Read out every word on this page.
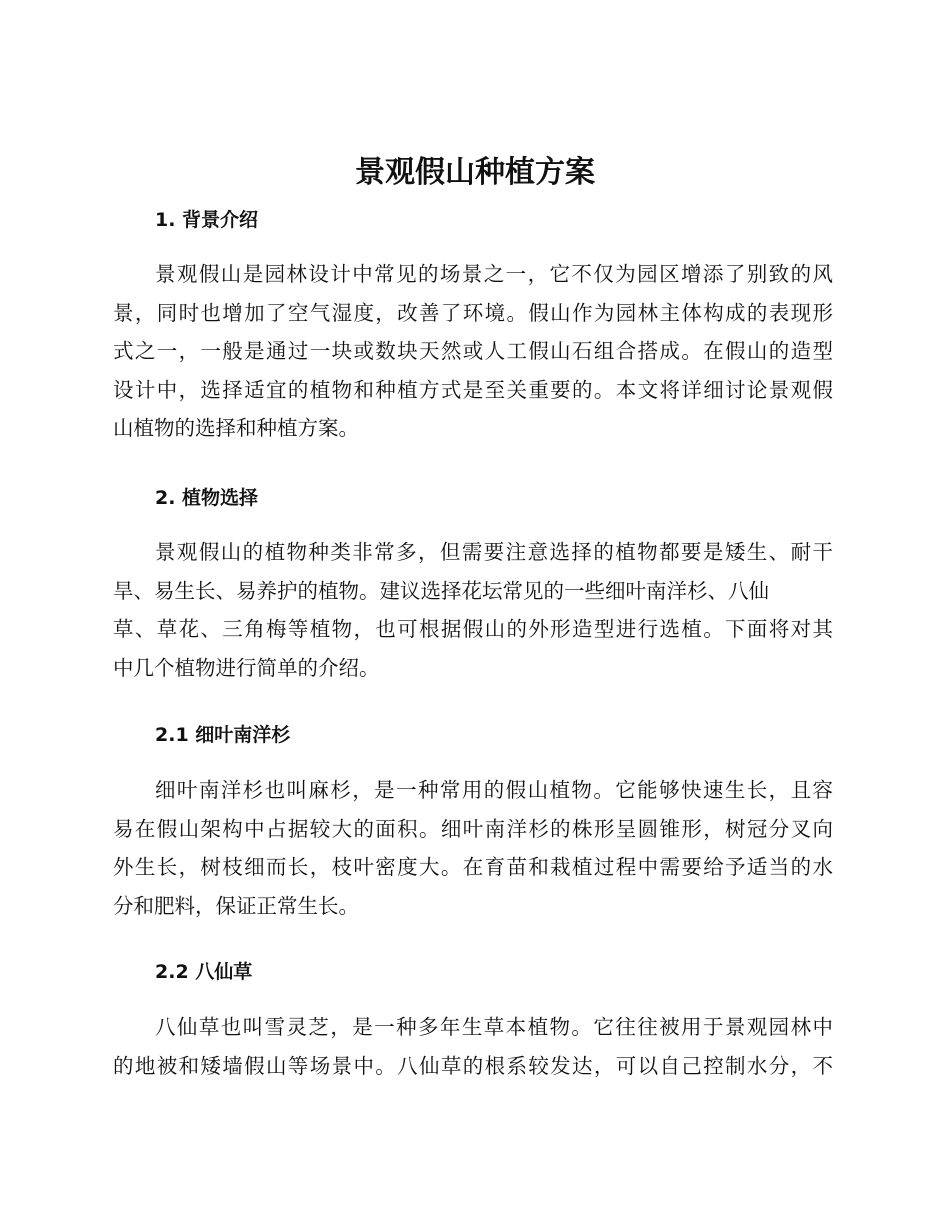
景观假山种植方案
1. 背景介绍
景观假山是园林设计中常见的场景之一，它不仅为园区增添了别致的风
景，同时也增加了空气湿度，改善了环境。假山作为园林主体构成的表现形
式之一，一般是通过一块或数块天然或人工假山石组合搭成。在假山的造型
设计中，选择适宜的植物和种植方式是至关重要的。本文将详细讨论景观假
山植物的选择和种植方案。
2. 植物选择
景观假山的植物种类非常多，但需要注意选择的植物都要是矮生、耐干
旱、易生长、易养护的植物。建议选择花坛常见的一些细叶南洋杉、八仙
草、草花、三角梅等植物，也可根据假山的外形造型进行选植。下面将对其
中几个植物进行简单的介绍。
2.1 细叶南洋杉
细叶南洋杉也叫麻杉，是一种常用的假山植物。它能够快速生长，且容
易在假山架构中占据较大的面积。细叶南洋杉的株形呈圆锥形，树冠分叉向
外生长，树枝细而长，枝叶密度大。在育苗和栽植过程中需要给予适当的水
分和肥料，保证正常生长。
2.2 八仙草
八仙草也叫雪灵芝，是一种多年生草本植物。它往往被用于景观园林中
的地被和矮墙假山等场景中。八仙草的根系较发达，可以自己控制水分，不
